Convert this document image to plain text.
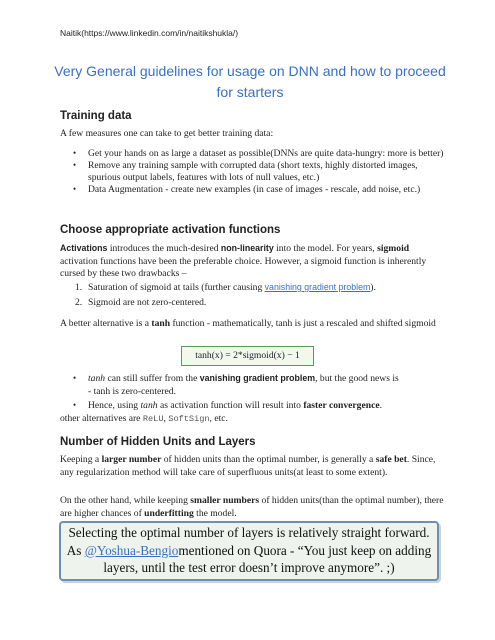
Naitik(https://www.linkedin.com/in/naitikshukla/)
Very General guidelines for usage on DNN and how to proceed
for starters
Training data
A few measures one can take to get better training data:
• Get your hands on as large a dataset as possible(DNNs are quite data-hungry: more is better)
• Remove any training sample with corrupted data (short texts, highly distorted images, spurious output labels, features with lots of null values, etc.)
• Data Augmentation - create new examples (in case of images - rescale, add noise, etc.)
Choose appropriate activation functions
Activations introduces the much-desired non-linearity into the model. For years, sigmoid activation functions have been the preferable choice. However, a sigmoid function is inherently cursed by these two drawbacks –
1. Saturation of sigmoid at tails (further causing vanishing gradient problem).
2. Sigmoid are not zero-centered.
A better alternative is a tanh function - mathematically, tanh is just a rescaled and shifted sigmoid
tanh(x) = 2*sigmoid(x) − 1
• tanh can still suffer from the vanishing gradient problem, but the good news is
- tanh is zero-centered.
• Hence, using tanh as activation function will result into faster convergence.
other alternatives are ReLU, SoftSign, etc.
Number of Hidden Units and Layers
Keeping a larger number of hidden units than the optimal number, is generally a safe bet. Since, any regularization method will take care of superfluous units(at least to some extent).
On the other hand, while keeping smaller numbers of hidden units(than the optimal number), there are higher chances of underfitting the model.
Selecting the optimal number of layers is relatively straight forward.
As @Yoshua-Bengiomentioned on Quora - “You just keep on adding layers, until the test error doesn’t improve anymore”. ;)
